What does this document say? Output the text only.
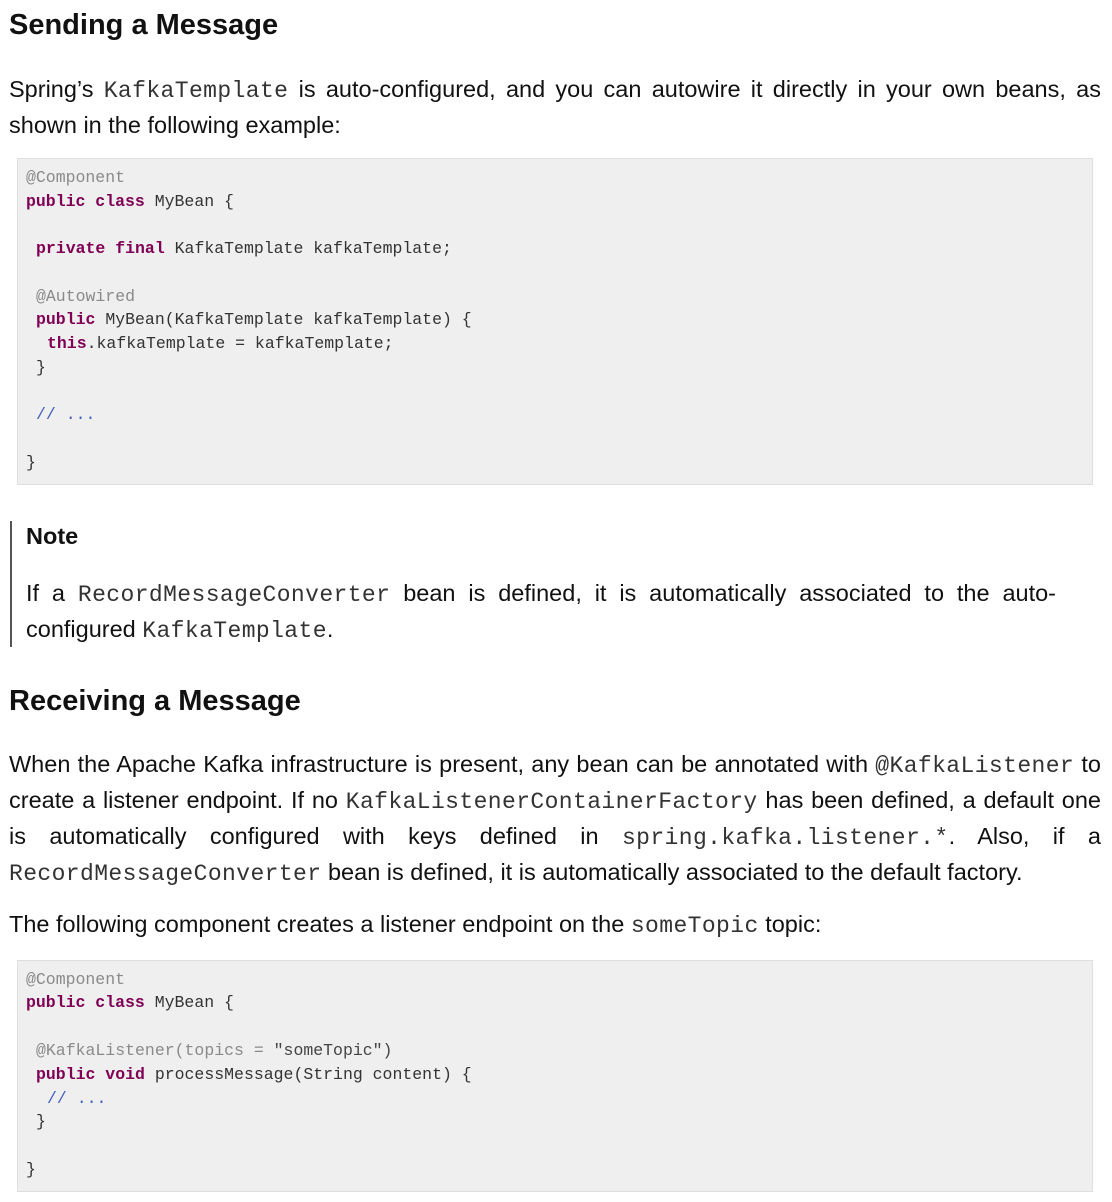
Sending a Message

Spring’s KafkaTemplate is auto-configured, and you can autowire it directly in your own beans, as shown in the following example:

@Component
public class MyBean {
private final KafkaTemplate kafkaTemplate;
@Autowired
public MyBean(KafkaTemplate kafkaTemplate) {
this.kafkaTemplate = kafkaTemplate;
}
// ...
}

Note

If a RecordMessageConverter bean is defined, it is automatically associated to the auto-configured KafkaTemplate.

Receiving a Message

When the Apache Kafka infrastructure is present, any bean can be annotated with @KafkaListener to create a listener endpoint. If no KafkaListenerContainerFactory has been defined, a default one is automatically configured with keys defined in spring.kafka.listener.*. Also, if a RecordMessageConverter bean is defined, it is automatically associated to the default factory.

The following component creates a listener endpoint on the someTopic topic:

@Component
public class MyBean {
@KafkaListener(topics = "someTopic")
public void processMessage(String content) {
// ...
}
}
